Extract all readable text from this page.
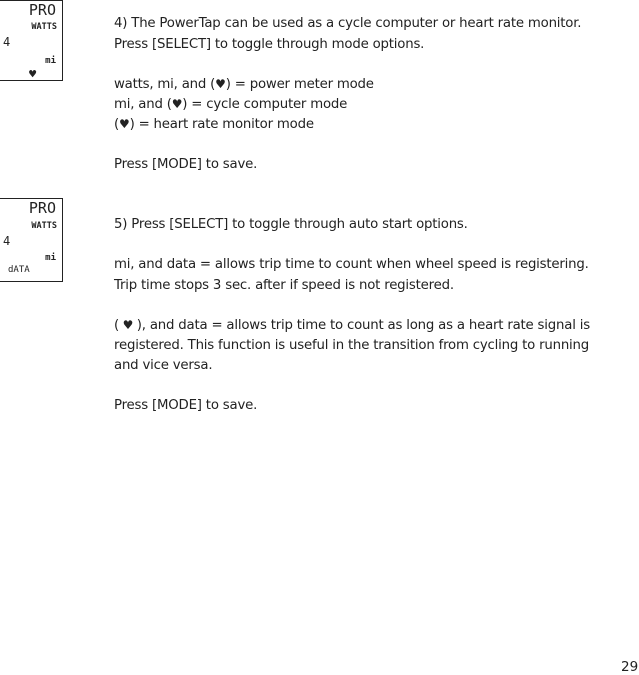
PRO
WATTS
4
mi
♥
4) The PowerTap can be used as a cycle computer or heart rate monitor.
Press [SELECT] to toggle through mode options.
watts, mi, and (♥) = power meter mode
mi, and (♥) = cycle computer mode
(♥) = heart rate monitor mode
Press [MODE] to save.
PRO
WATTS
4
mi
dATA
5) Press [SELECT] to toggle through auto start options.
mi, and data = allows trip time to count when wheel speed is registering.
Trip time stops 3 sec. after if speed is not registered.
( ♥ ), and data = allows trip time to count as long as a heart rate signal is
registered. This function is useful in the transition from cycling to running
and vice versa.
Press [MODE] to save.
29
